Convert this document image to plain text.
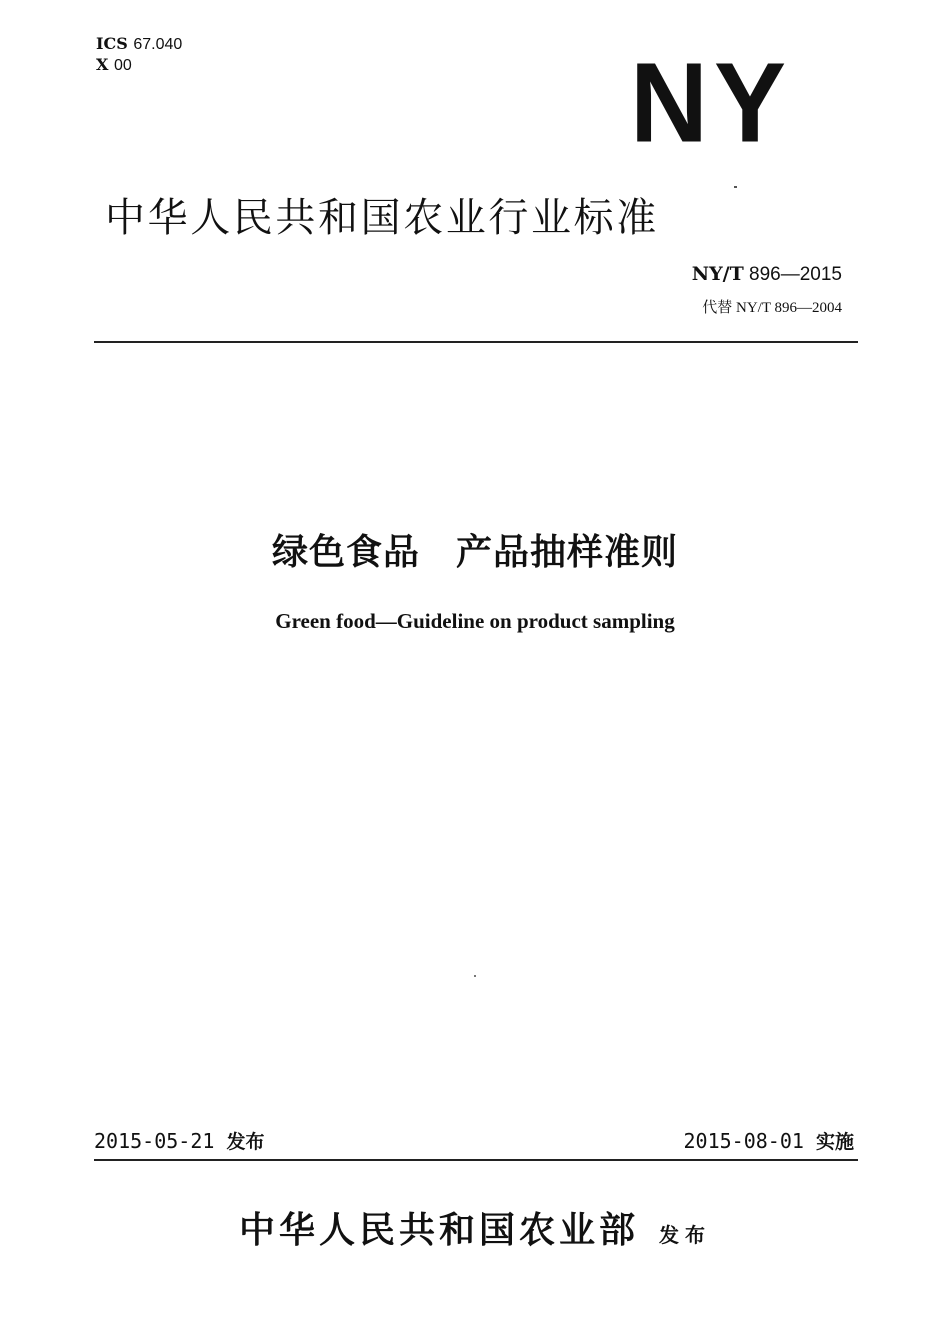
ICS 67.040
X 00	NY
中华人民共和国农业行业标准
NY/T 896—2015
代替 NY/T 896—2004
绿色食品 产品抽样准则
Green food—Guideline on product sampling
2015-05-21 发布	2015-08-01 实施
中华人民共和国农业部 发布
